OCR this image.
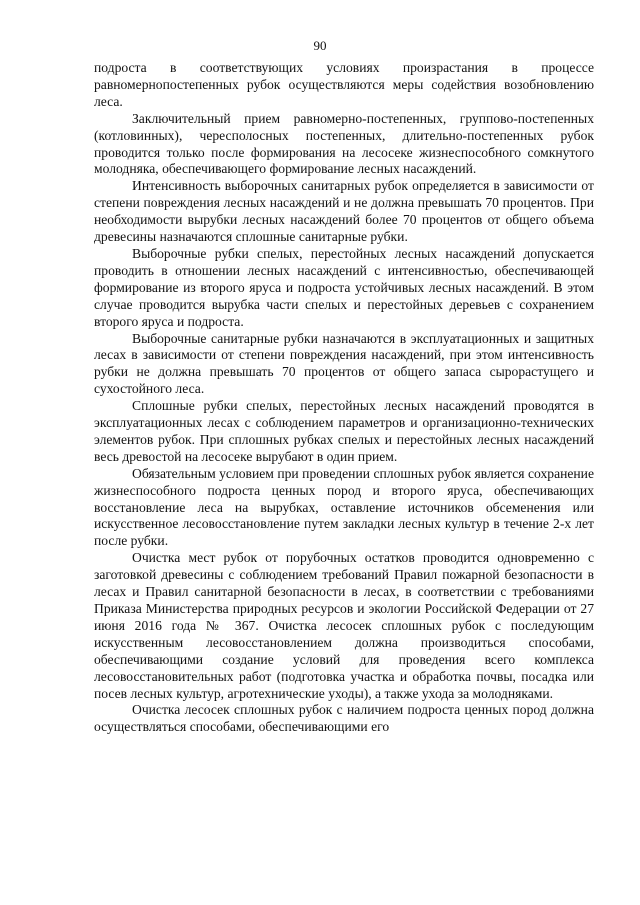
90

подроста в соответствующих условиях произрастания в процессе равномернопостепенных рубок осуществляются меры содействия возобновлению леса.

Заключительный прием равномерно-постепенных, группово-постепенных (котловинных), чересполосных постепенных, длительно-постепенных рубок проводится только после формирования на лесосеке жизнеспособного сомкнутого молодняка, обеспечивающего формирование лесных насаждений.

Интенсивность выборочных санитарных рубок определяется в зависимости от степени повреждения лесных насаждений и не должна превышать 70 процентов. При необходимости вырубки лесных насаждений более 70 процентов от общего объема древесины назначаются сплошные санитарные рубки.

Выборочные рубки спелых, перестойных лесных насаждений допускается проводить в отношении лесных насаждений с интенсивностью, обеспечивающей формирование из второго яруса и подроста устойчивых лесных насаждений. В этом случае проводится вырубка части спелых и перестойных деревьев с сохранением второго яруса и подроста.

Выборочные санитарные рубки назначаются в эксплуатационных и защитных лесах в зависимости от степени повреждения насаждений, при этом интенсивность рубки не должна превышать 70 процентов от общего запаса сырорастущего и сухостойного леса.

Сплошные рубки спелых, перестойных лесных насаждений проводятся в эксплуатационных лесах с соблюдением параметров и организационно-технических элементов рубок. При сплошных рубках спелых и перестойных лесных насаждений весь древостой на лесосеке вырубают в один прием.

Обязательным условием при проведении сплошных рубок является сохранение жизнеспособного подроста ценных пород и второго яруса, обеспечивающих восстановление леса на вырубках, оставление источников обсеменения или искусственное лесовосстановление путем закладки лесных культур в течение 2-х лет после рубки.

Очистка мест рубок от порубочных остатков проводится одновременно с заготовкой древесины с соблюдением требований Правил пожарной безопасности в лесах и Правил санитарной безопасности в лесах, в соответствии с требованиями Приказа Министерства природных ресурсов и экологии Российской Федерации от 27 июня 2016 года № 367. Очистка лесосек сплошных рубок с последующим искусственным лесовосстановлением должна производиться способами, обеспечивающими создание условий для проведения всего комплекса лесовосстановительных работ (подготовка участка и обработка почвы, посадка или посев лесных культур, агротехнические уходы), а также ухода за молодняками.

Очистка лесосек сплошных рубок с наличием подроста ценных пород должна осуществляться способами, обеспечивающими его
